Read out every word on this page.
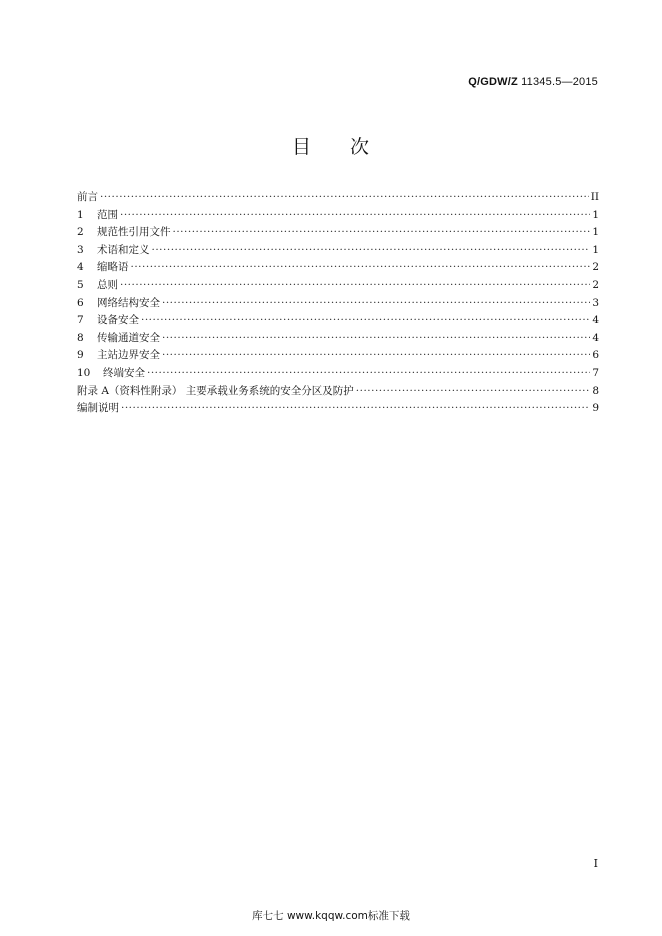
Q/GDW/Z 11345.5—2015
目 次
前言 ·····	II
1	范围 ·····	1
2	规范性引用文件 ·····	1
3	术语和定义 ·····	1
4	缩略语 ·····	2
5	总则 ·····	2
6	网络结构安全 ·····	3
7	设备安全 ·····	4
8	传输通道安全 ·····	4
9	主站边界安全 ·····	6
10	终端安全 ·····	7
附录 A（资料性附录） 主要承载业务系统的安全分区及防护 ·····	8
编制说明 ·····	9
I
库七七 www.kqqw.com标准下载
